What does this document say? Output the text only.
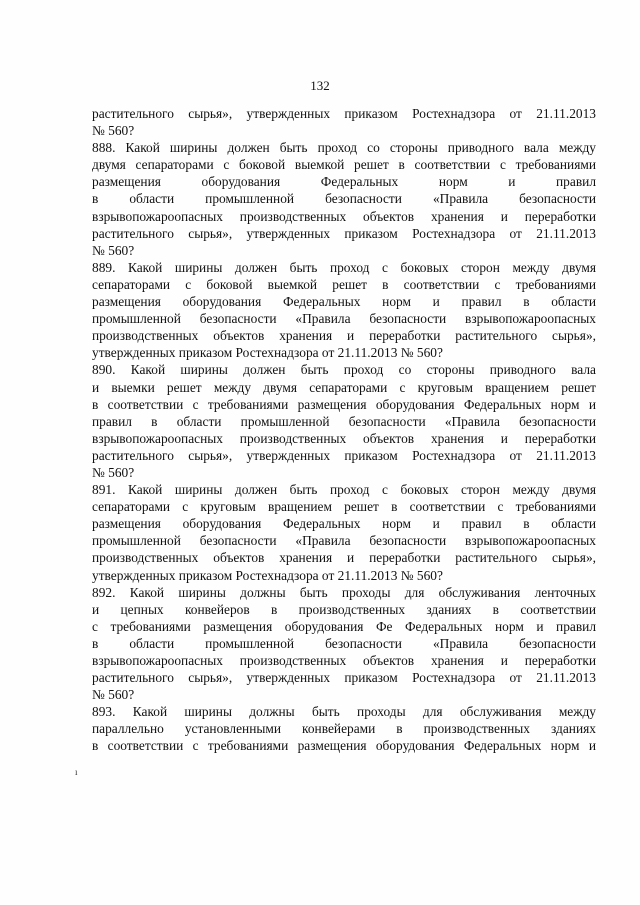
132
растительного сырья», утвержденных приказом Ростехнадзора от 21.11.2013
№ 560?
888. Какой ширины должен быть проход со стороны приводного вала между
двумя сепараторами с боковой выемкой решет в соответствии с требованиями
размещения оборудования Федеральных норм и правил
в области промышленной безопасности «Правила безопасности
взрывопожароопасных производственных объектов хранения и переработки
растительного сырья», утвержденных приказом Ростехнадзора от 21.11.2013
№ 560?
889. Какой ширины должен быть проход с боковых сторон между двумя
сепараторами с боковой выемкой решет в соответствии с требованиями
размещения оборудования Федеральных норм и правил в области
промышленной безопасности «Правила безопасности взрывопожароопасных
производственных объектов хранения и переработки растительного сырья»,
утвержденных приказом Ростехнадзора от 21.11.2013 № 560?
890. Какой ширины должен быть проход со стороны приводного вала
и выемки решет между двумя сепараторами с круговым вращением решет
в соответствии с требованиями размещения оборудования Федеральных норм и
правил в области промышленной безопасности «Правила безопасности
взрывопожароопасных производственных объектов хранения и переработки
растительного сырья», утвержденных приказом Ростехнадзора от 21.11.2013
№ 560?
891. Какой ширины должен быть проход с боковых сторон между двумя
сепараторами с круговым вращением решет в соответствии с требованиями
размещения оборудования Федеральных норм и правил в области
промышленной безопасности «Правила безопасности взрывопожароопасных
производственных объектов хранения и переработки растительного сырья»,
утвержденных приказом Ростехнадзора от 21.11.2013 № 560?
892. Какой ширины должны быть проходы для обслуживания ленточных
и цепных конвейеров в производственных зданиях в соответствии
с требованиями размещения оборудования Фе Федеральных норм и правил
в области промышленной безопасности «Правила безопасности
взрывопожароопасных производственных объектов хранения и переработки
растительного сырья», утвержденных приказом Ростехнадзора от 21.11.2013
№ 560?
893. Какой ширины должны быть проходы для обслуживания между
параллельно установленными конвейерами в производственных зданиях
в соответствии с требованиями размещения оборудования Федеральных норм и
ı
